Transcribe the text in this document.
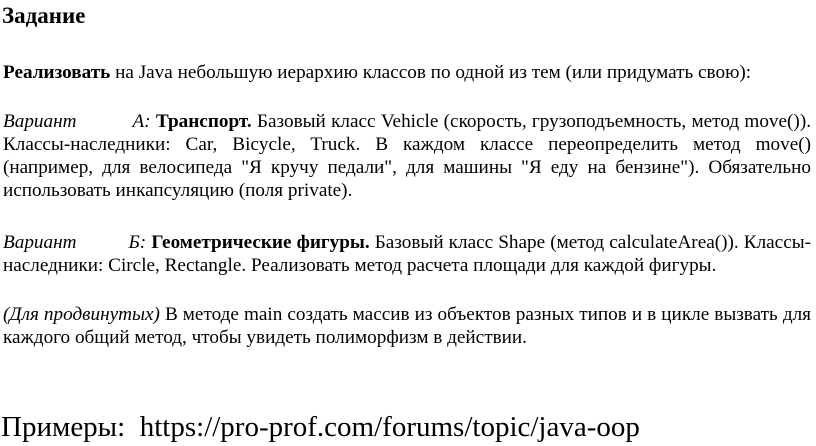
Задание

Реализовать на Java небольшую иерархию классов по одной из тем (или придумать свою):

Вариант	А: Транспорт. Базовый класс Vehicle (скорость, грузоподъемность, метод move()). Классы-наследники: Car, Bicycle, Truck. В каждом классе переопределить метод move() (например, для велосипеда "Я кручу педали", для машины "Я еду на бензине"). Обязательно использовать инкапсуляцию (поля private).

Вариант	Б: Геометрические фигуры. Базовый класс Shape (метод calculateArea()). Классы-наследники: Circle, Rectangle. Реализовать метод расчета площади для каждой фигуры.

(Для продвинутых) В методе main создать массив из объектов разных типов и в цикле вызвать для каждого общий метод, чтобы увидеть полиморфизм в действии.

Примеры: https://pro-prof.com/forums/topic/java-oop
